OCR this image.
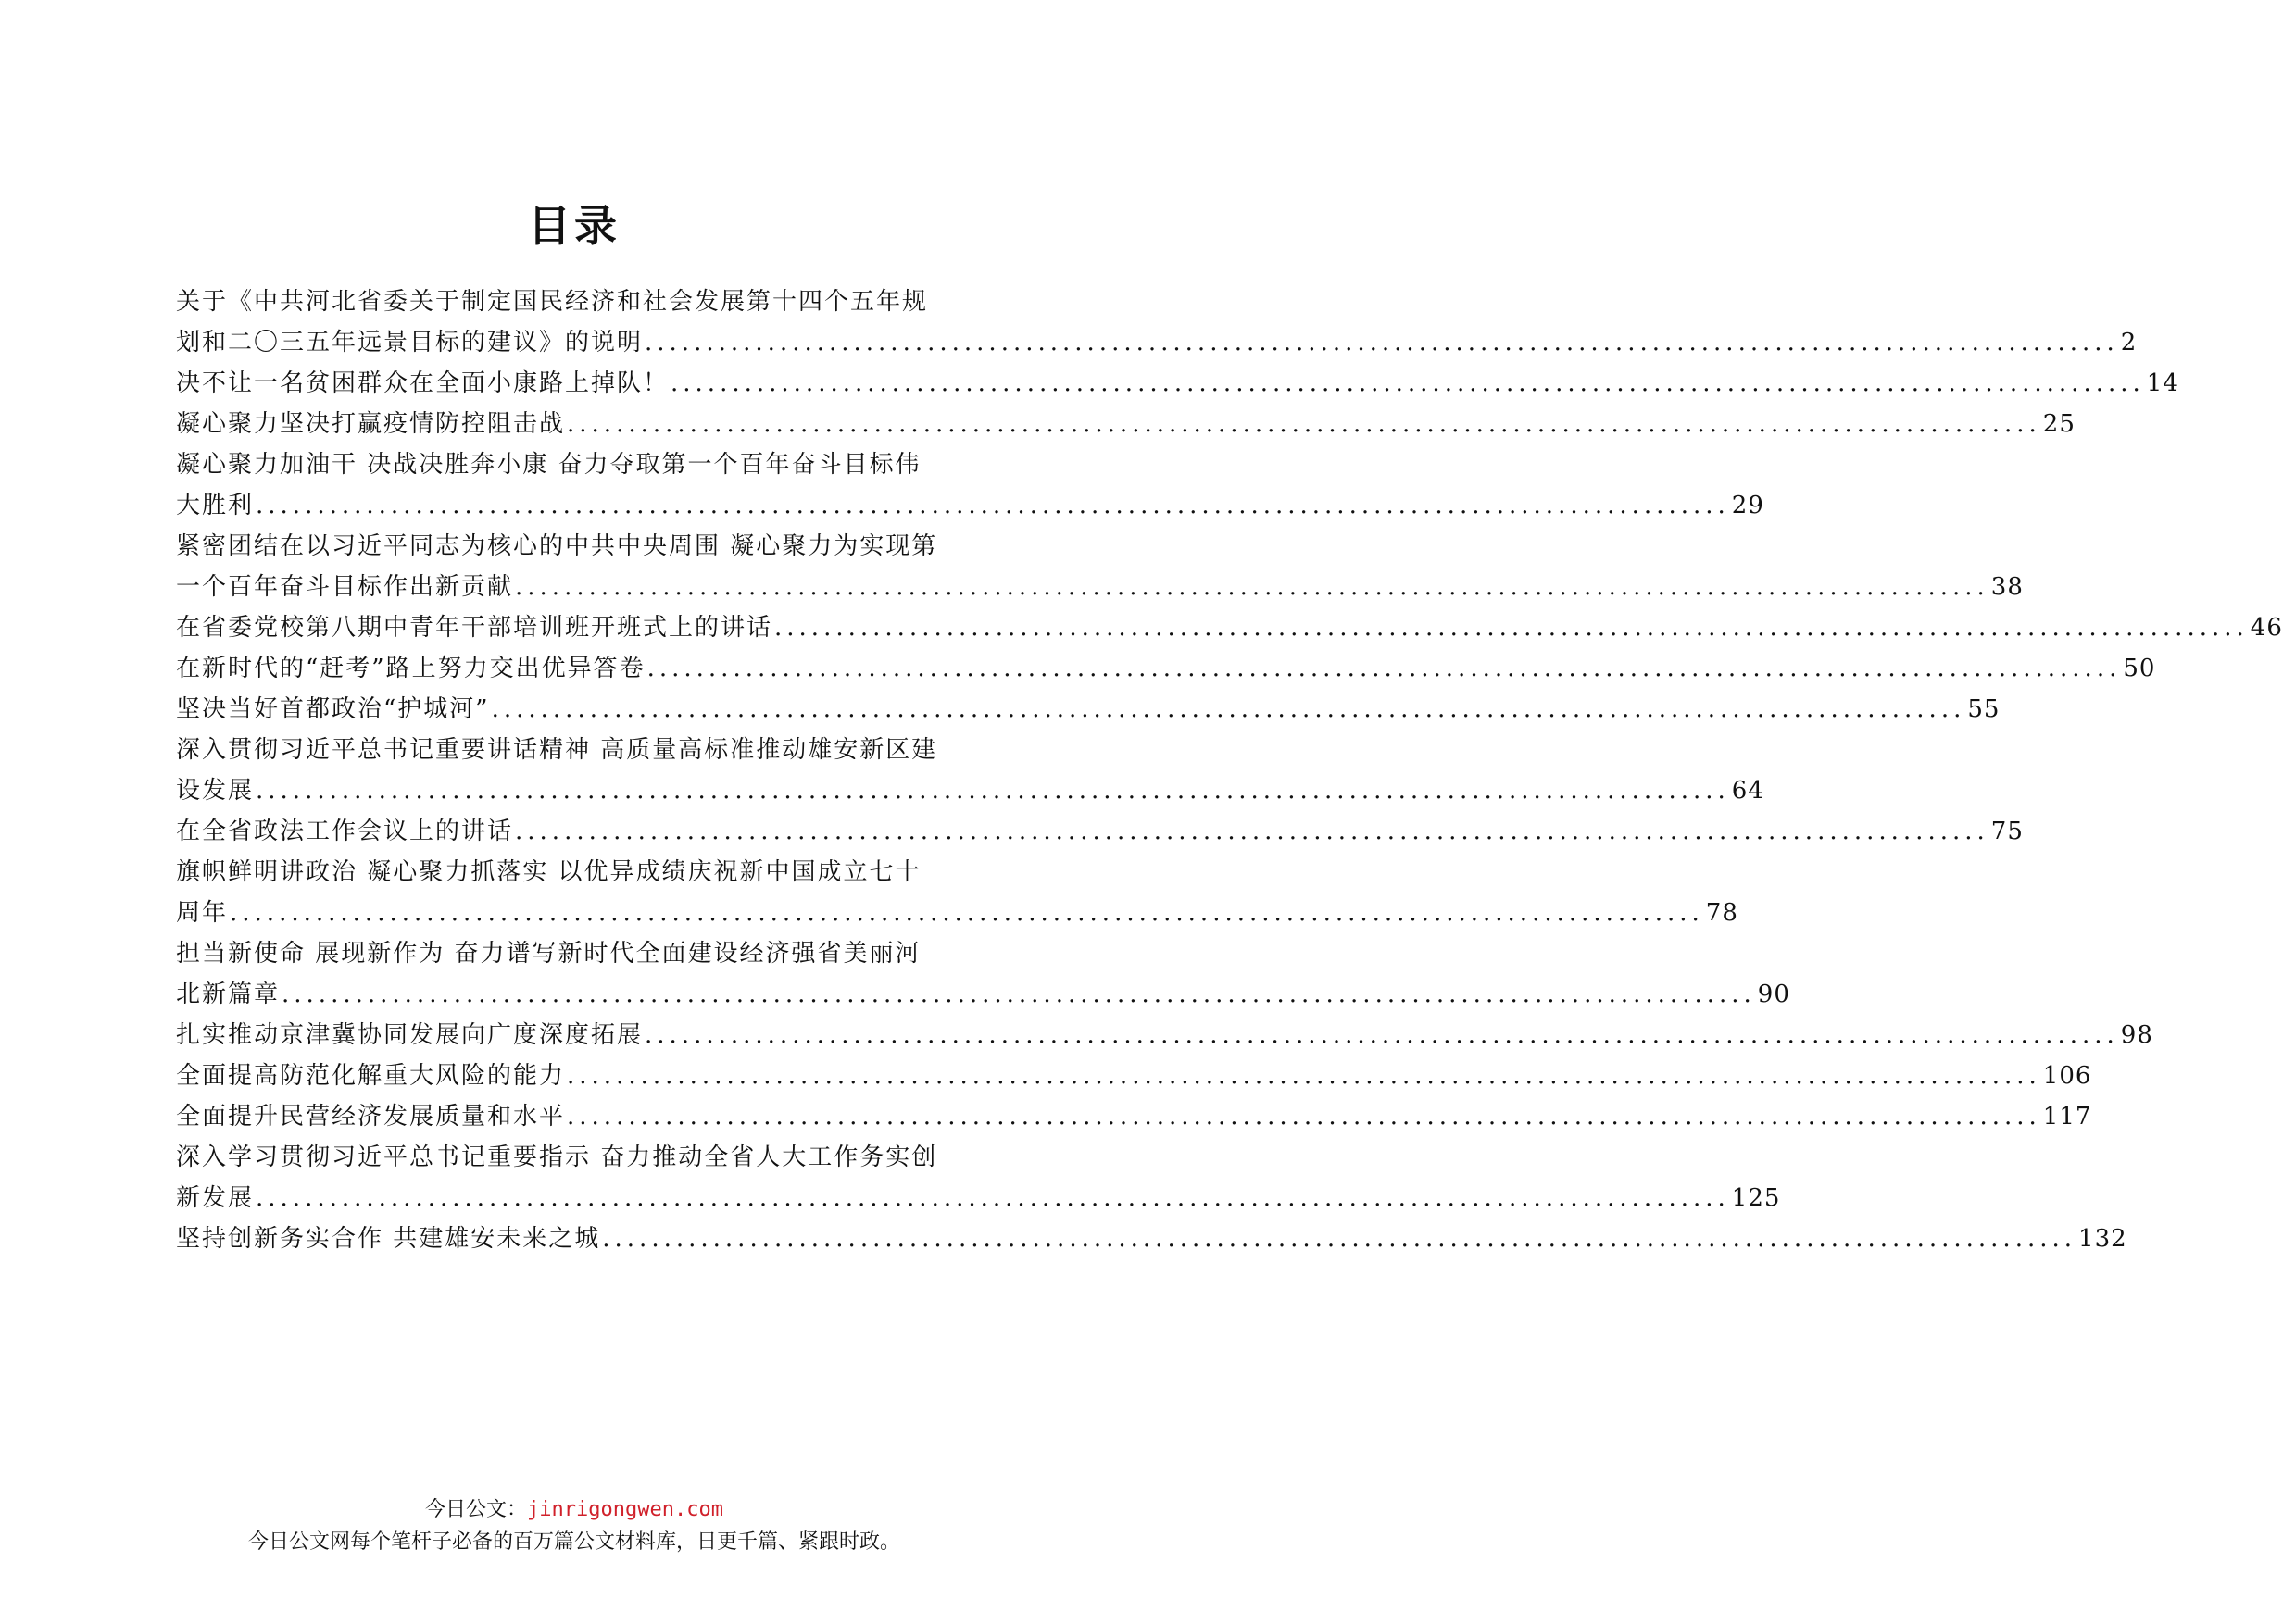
目录
关于《中共河北省委关于制定国民经济和社会发展第十四个五年规
划和二〇三五年远景目标的建议》的说明 ........................................................................................................................ 2
决不让一名贫困群众在全面小康路上掉队！ ........................................................................................................................ 14
凝心聚力坚决打赢疫情防控阻击战 ........................................................................................................................ 25
凝心聚力加油干 决战决胜奔小康 奋力夺取第一个百年奋斗目标伟
大胜利 ........................................................................................................................ 29
紧密团结在以习近平同志为核心的中共中央周围 凝心聚力为实现第
一个百年奋斗目标作出新贡献 ........................................................................................................................ 38
在省委党校第八期中青年干部培训班开班式上的讲话 ........................................................................................................................ 46
在新时代的“赶考”路上努力交出优异答卷 ........................................................................................................................ 50
坚决当好首都政治“护城河” ........................................................................................................................ 55
深入贯彻习近平总书记重要讲话精神 高质量高标准推动雄安新区建
设发展 ........................................................................................................................ 64
在全省政法工作会议上的讲话 ........................................................................................................................ 75
旗帜鲜明讲政治 凝心聚力抓落实 以优异成绩庆祝新中国成立七十
周年 ........................................................................................................................ 78
担当新使命 展现新作为 奋力谱写新时代全面建设经济强省美丽河
北新篇章 ........................................................................................................................ 90
扎实推动京津冀协同发展向广度深度拓展 ........................................................................................................................ 98
全面提高防范化解重大风险的能力 ........................................................................................................................ 106
全面提升民营经济发展质量和水平 ........................................................................................................................ 117
深入学习贯彻习近平总书记重要指示 奋力推动全省人大工作务实创
新发展 ........................................................................................................................ 125
坚持创新务实合作 共建雄安未来之城 ........................................................................................................................ 132
今日公文：jinrigongwen.com
今日公文网每个笔杆子必备的百万篇公文材料库，日更千篇、紧跟时政。
